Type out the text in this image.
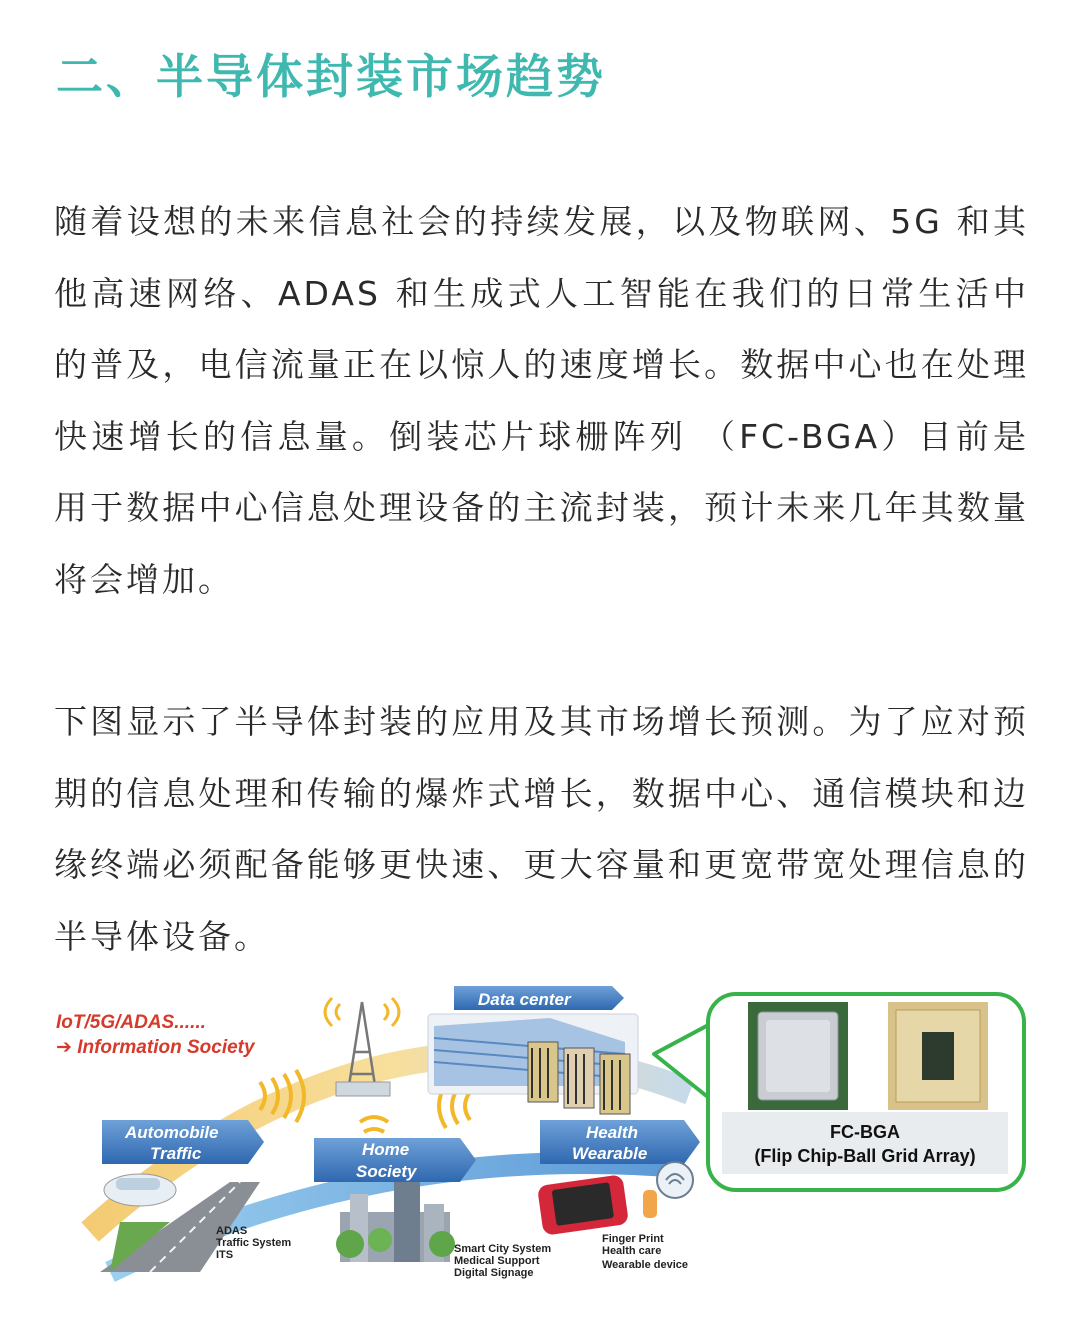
二、半导体封装市场趋势
随着设想的未来信息社会的持续发展，以及物联网、5G 和其他高速网络、ADAS 和生成式人工智能在我们的日常生活中的普及，电信流量正在以惊人的速度增长。数据中心也在处理快速增长的信息量。倒装芯片球栅阵列 （FC-BGA）目前是用于数据中心信息处理设备的主流封装，预计未来几年其数量将会增加。
下图显示了半导体封装的应用及其市场增长预测。为了应对预期的信息处理和传输的爆炸式增长，数据中心、通信模块和边缘终端必须配备能够更快速、更大容量和更宽带宽处理信息的半导体设备。
IoT/5G/ADAS......
➔ Information Society
Data center
Automobile
Traffic	Home
Society
Health
Wearable
ADAS
Traffic System
ITS	Smart City System
Medical Support
Digital Signage
Finger Print
Health care
Wearable device
FC-BGA
(Flip Chip-Ball Grid Array)
